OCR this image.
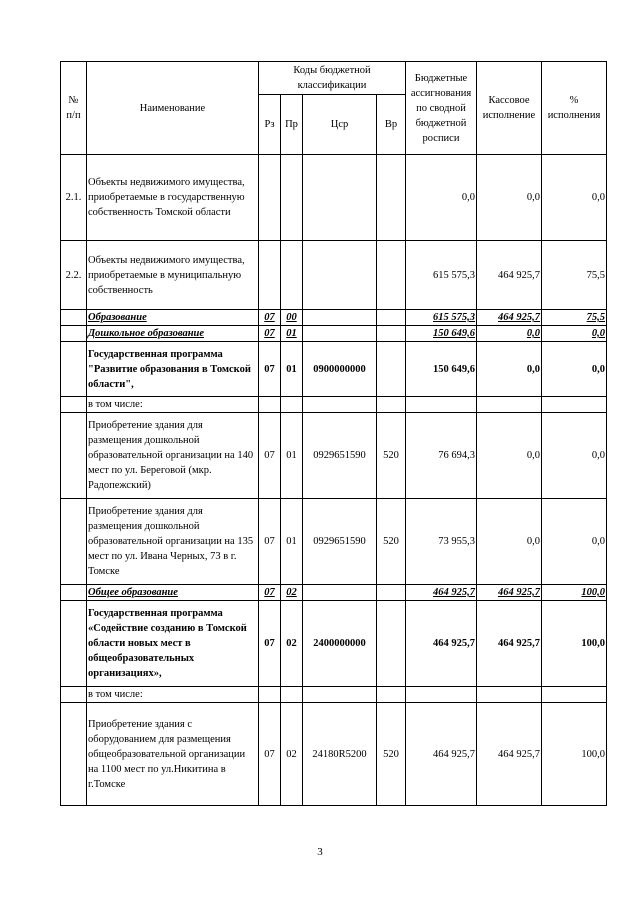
№
п/п	Наименование	Коды бюджетной классификации				Бюджетные ассигнования по сводной бюджетной росписи	Кассовое исполнение	%
исполнения
		Рз	Пр	Цср	Вр			
2.1.	Объекты недвижимого имущества, приобретаемые в государственную собственность Томской области					0,0	0,0	0,0
2.2.	Объекты недвижимого имущества, приобретаемые в муниципальную собственность					615 575,3	464 925,7	75,5
	Образование	07	00			615 575,3	464 925,7	75,5
	Дошкольное образование	07	01			150 649,6	0,0	0,0
	Государственная программа "Развитие образования в Томской области",	07	01	0900000000		150 649,6	0,0	0,0
	в том числе:							
	Приобретение здания для размещения дошкольной образовательной организации на 140 мест по ул. Береговой (мкр. Радопежский)	07	01	0929651590	520	76 694,3	0,0	0,0
	Приобретение здания для размещения дошкольной образовательной организации на 135 мест по ул. Ивана Черных, 73 в г. Томске	07	01	0929651590	520	73 955,3	0,0	0,0
	Общее образование	07	02			464 925,7	464 925,7	100,0
	Государственная программа «Содействие созданию в Томской области новых мест в общеобразовательных организациях»,	07	02	2400000000		464 925,7	464 925,7	100,0
	в том числе:							
	Приобретение здания с оборудованием для размещения общеобразовательной организации на 1100 мест по ул.Никитина в г.Томске	07	02	24180R5200	520	464 925,7	464 925,7	100,0
3
